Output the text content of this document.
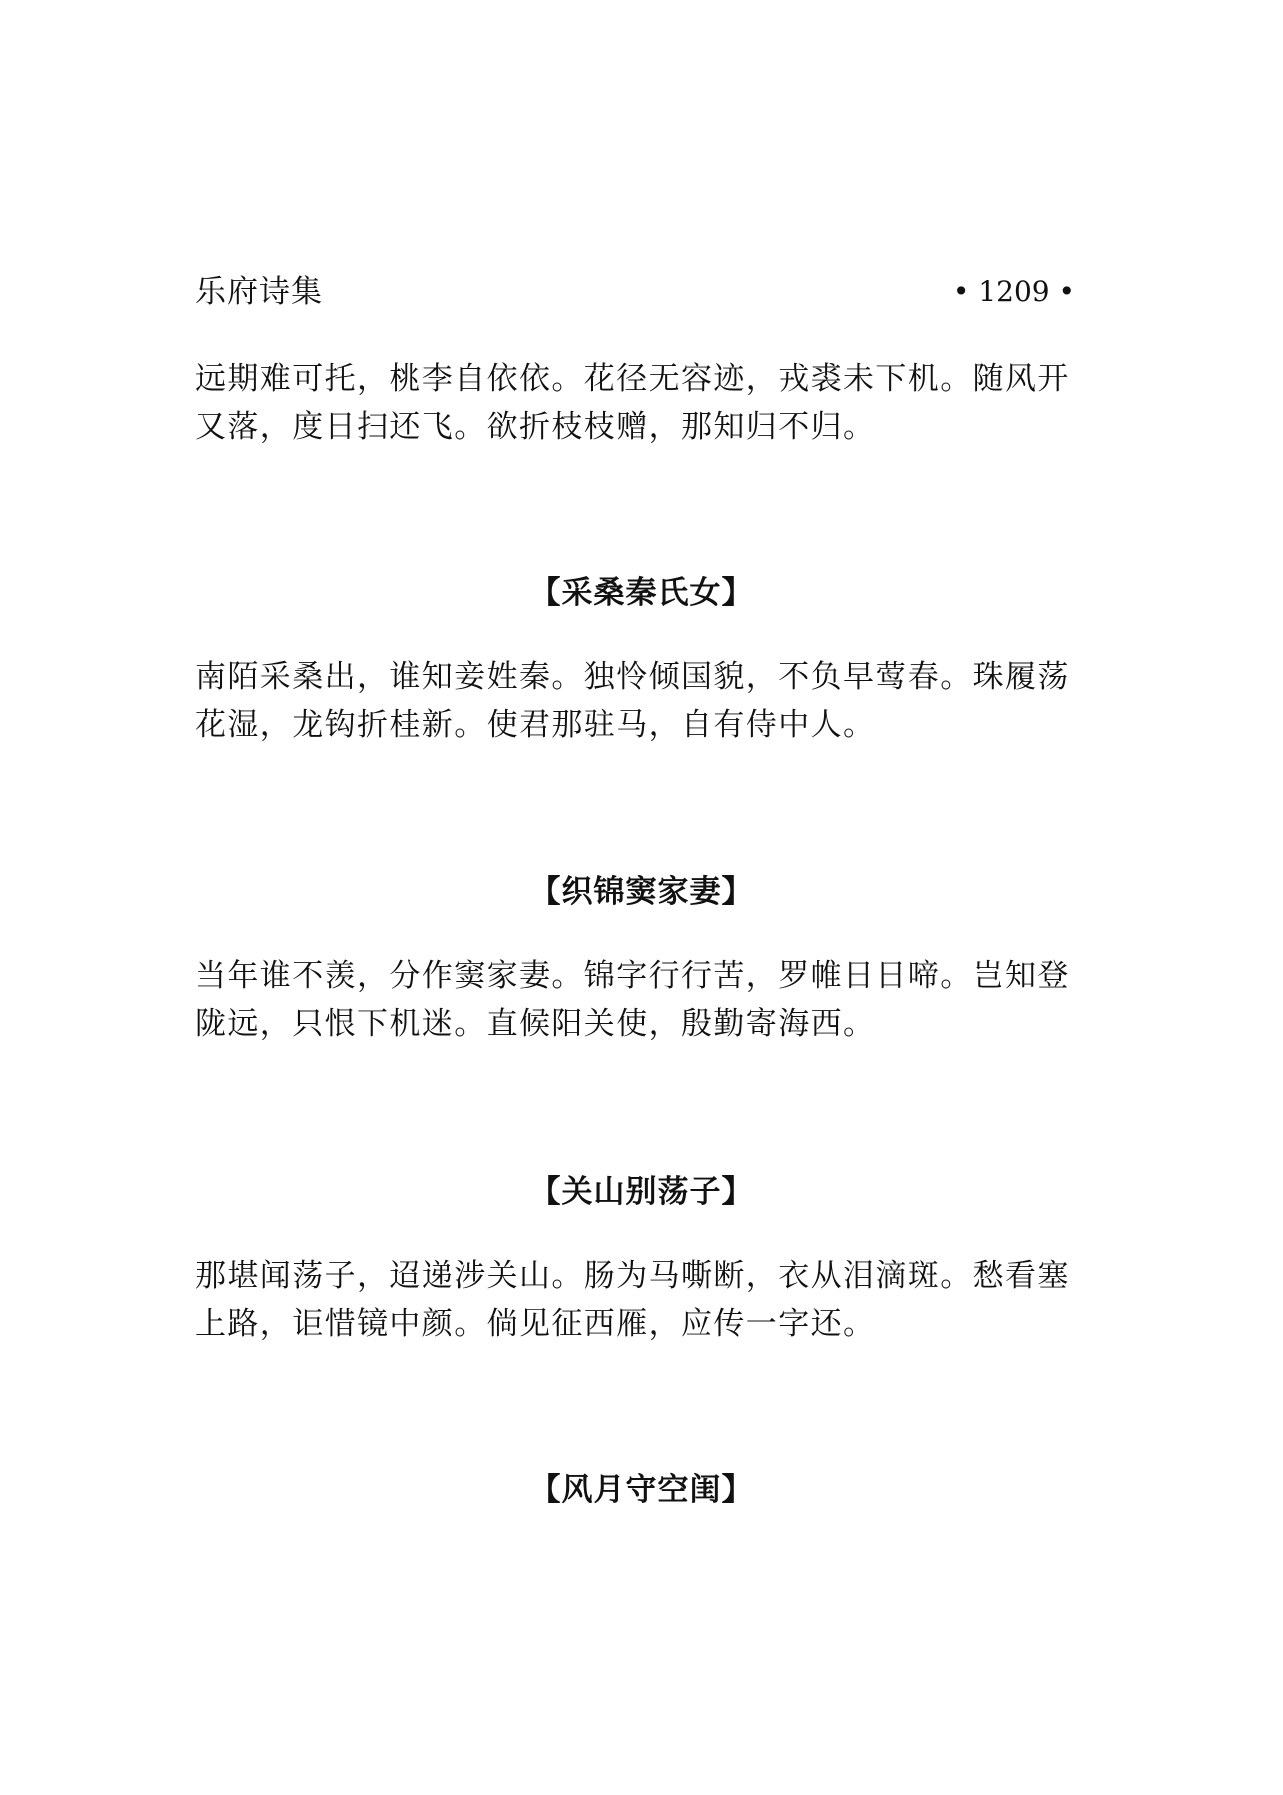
乐府诗集	• 1209 •

远期难可托，桃李自依依。花径无容迹，戎裘未下机。随风开又落，度日扫还飞。欲折枝枝赠，那知归不归。

【采桑秦氏女】

南陌采桑出，谁知妾姓秦。独怜倾国貌，不负早莺春。珠履荡花湿，龙钩折桂新。使君那驻马，自有侍中人。

【织锦窦家妻】

当年谁不羡，分作窦家妻。锦字行行苦，罗帷日日啼。岂知登陇远，只恨下机迷。直候阳关使，殷勤寄海西。

【关山别荡子】

那堪闻荡子，迢递涉关山。肠为马嘶断，衣从泪滴斑。愁看塞上路，讵惜镜中颜。倘见征西雁，应传一字还。

【风月守空闺】
